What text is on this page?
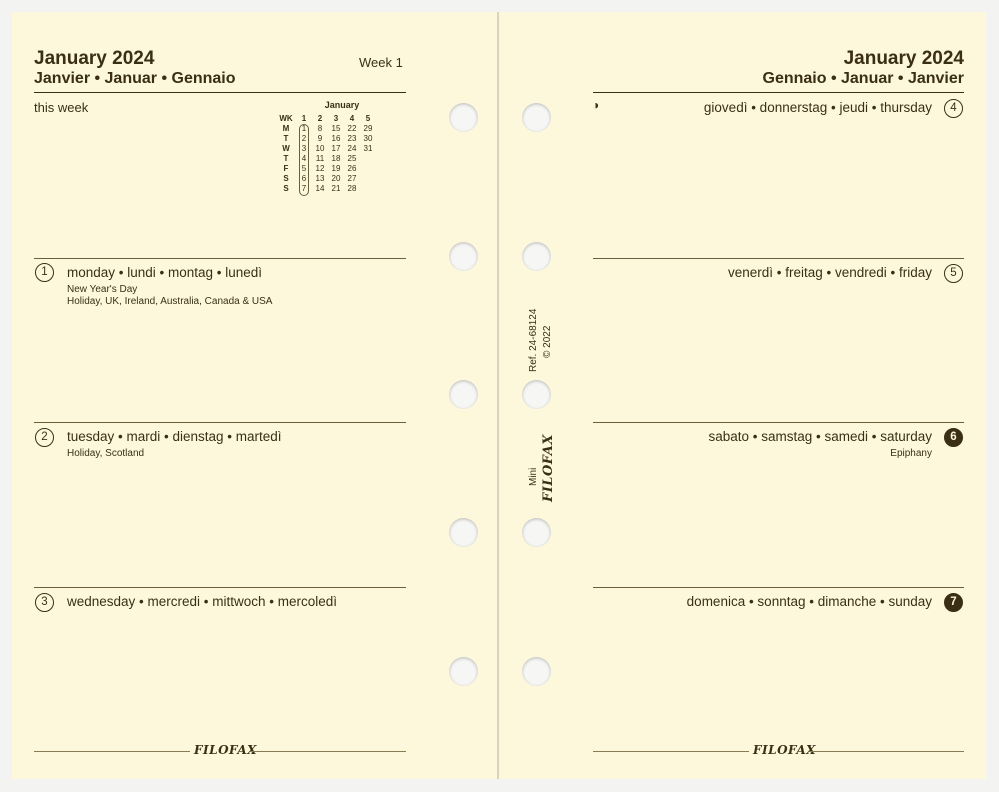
January 2024
Janvier • Januar • Gennaio
Week 1
this week	January
WK	1	2	3	4	5
M	1	8	15 22 29
T	2	9	16 23 30
W	3	10 17 24 31
T	4	11 18 25
F	5	12 19 26
S	6	13 20 27
S	7	14 21 28
1	monday • lundi • montag • lunedì
New Year's Day
Holiday, UK, Ireland, Australia, Canada & USA
2	tuesday • mardi • dienstag • martedì
Holiday, Scotland
3	wednesday • mercredi • mittwoch • mercoledì
FILOFAX
Ref. 24-68124 © 2022
Mini FILOFAX
January 2024
Gennaio • Januar • Janvier
◑	giovedì • donnerstag • jeudi • thursday	4
venerdì • freitag • vendredi • friday	5
sabato • samstag • samedi • saturday	6
Epiphany
domenica • sonntag • dimanche • sunday	7
FILOFAX
